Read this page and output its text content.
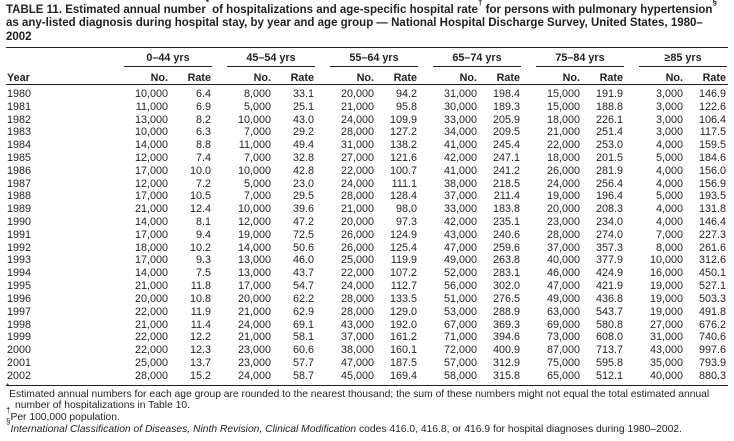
TABLE 11. Estimated annual number* of hospitalizations and age-specific hospital rate† for persons with pulmonary hypertension§ as any-listed diagnosis during hospital stay, by year and age group — National Hospital Discharge Survey, United States, 1980–2002

	0–44 yrs		45–54 yrs		55–64 yrs		65–74 yrs		75–84 yrs		≥85 yrs	

Year	No.	Rate	No.	Rate	No.	Rate	No.	Rate	No.	Rate	No.	Rate
1980	10,000	6.4	8,000	33.1	20,000	94.2	31,000	198.4	15,000	191.9	3,000	146.9
1981	11,000	6.9	5,000	25.1	21,000	95.8	30,000	189.3	15,000	188.8	3,000	122.6
1982	13,000	8.2	10,000	43.0	24,000	109.9	33,000	205.9	18,000	226.1	3,000	106.4
1983	10,000	6.3	7,000	29.2	28,000	127.2	34,000	209.5	21,000	251.4	3,000	117.5
1984	14,000	8.8	11,000	49.4	31,000	138.2	41,000	245.4	22,000	253.0	4,000	159.5
1985	12,000	7.4	7,000	32.8	27,000	121.6	42,000	247.1	18,000	201.5	5,000	184.6
1986	17,000	10.0	10,000	42.8	22,000	100.7	41,000	241.2	26,000	281.9	4,000	156.0
1987	12,000	7.2	5,000	23.0	24,000	111.1	38,000	218.5	24,000	256.4	4,000	156.9
1988	17,000	10.5	7,000	29.5	28,000	128.4	37,000	211.4	19,000	196.4	5,000	193.5
1989	21,000	12.4	10,000	39.6	21,000	98.0	33,000	183.8	20,000	208.3	4,000	131.8
1990	14,000	8.1	12,000	47.2	20,000	97.3	42,000	235.1	23,000	234.0	4,000	146.4
1991	17,000	9.4	19,000	72.5	26,000	124.9	43,000	240.6	28,000	274.0	7,000	227.3
1992	18,000	10.2	14,000	50.6	26,000	125.4	47,000	259.6	37,000	357.3	8,000	261.6
1993	17,000	9.3	13,000	46.0	25,000	119.9	49,000	263.8	40,000	377.9	10,000	312.6
1994	14,000	7.5	13,000	43.7	22,000	107.2	52,000	283.1	46,000	424.9	16,000	450.1
1995	21,000	11.8	17,000	54.7	24,000	112.7	56,000	302.0	47,000	421.9	19,000	527.1
1996	20,000	10.8	20,000	62.2	28,000	133.5	51,000	276.5	49,000	436.8	19,000	503.3
1997	22,000	11.9	21,000	62.9	28,000	129.0	53,000	288.9	63,000	543.7	19,000	491.8
1998	21,000	11.4	24,000	69.1	43,000	192.0	67,000	369.3	69,000	580.8	27,000	676.2
1999	22,000	12.2	21,000	58.1	37,000	161.2	71,000	394.6	73,000	608.0	31,000	740.6
2000	22,000	12.3	23,000	60.6	38,000	160.1	72,000	400.9	87,000	713.7	43,000	997.6
2001	25,000	13.7	23,000	57.7	47,000	187.5	57,000	312.9	75,000	595.8	35,000	793.9
2002	28,000	15.2	24,000	58.7	45,000	169.4	58,000	315.8	65,000	512.1	40,000	880.3

*Estimated annual numbers for each age group are rounded to the nearest thousand; the sum of these numbers might not equal the total estimated annual number of hospitalizations in Table 10.

†Per 100,000 population.

§International Classification of Diseases, Ninth Revision, Clinical Modification codes 416.0, 416.8, or 416.9 for hospital diagnoses during 1980–2002.
